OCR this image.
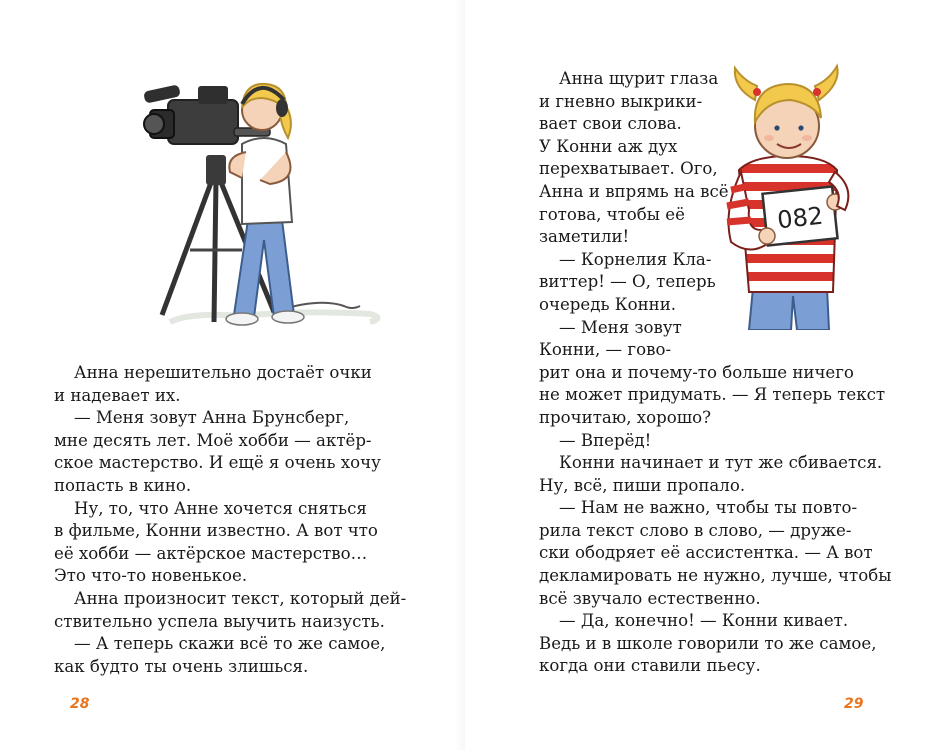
Анна нерешительно достаёт очки
и надевает их.
— Меня зовут Анна Брунсберг,
мне десять лет. Моё хобби — актёр-
ское мастерство. И ещё я очень хочу
попасть в кино.
Ну, то, что Анне хочется сняться
в фильме, Конни известно. А вот что
её хобби — актёрское мастерство…
Это что-то новенькое.
Анна произносит текст, который дей-
ствительно успела выучить наизусть.
— А теперь скажи всё то же самое,
как будто ты очень злишься.
28
Анна щурит глаза
и гневно выкрики-
вает свои слова.
У Конни аж дух
перехватывает. Ого,
Анна и впрямь на всё
готова, чтобы её
заметили!
— Корнелия Кла-
виттер! — О, теперь
очередь Конни.
— Меня зовут
Конни, — гово-
рит она и почему-то больше ничего
не может придумать. — Я теперь текст
прочитаю, хорошо?
— Вперёд!
Конни начинает и тут же сбивается.
Ну, всё, пиши пропало.
— Нам не важно, чтобы ты повто-
рила текст слово в слово, — друже-
ски ободряет её ассистентка. — А вот
декламировать не нужно, лучше, чтобы
всё звучало естественно.
— Да, конечно! — Конни кивает.
Ведь и в школе говорили то же самое,
когда они ставили пьесу.
082
29
